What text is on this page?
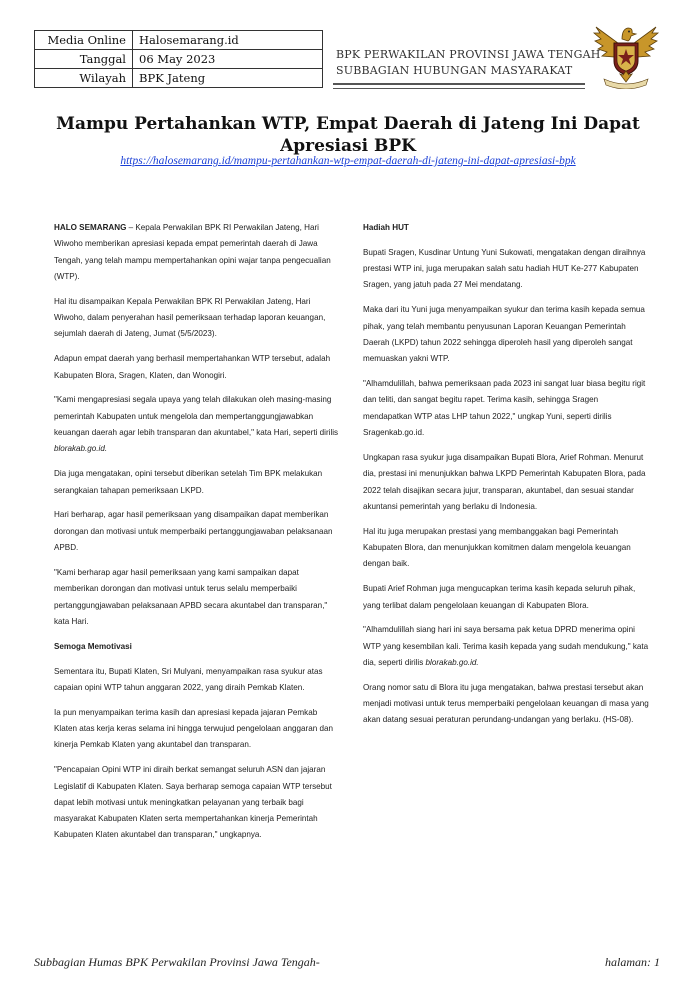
Media Online	Halosemarang.id
Tanggal	06 May 2023
Wilayah	BPK Jateng
BPK PERWAKILAN PROVINSI JAWA TENGAH
SUBBAGIAN HUBUNGAN MASYARAKAT
Mampu Pertahankan WTP, Empat Daerah di Jateng Ini Dapat Apresiasi BPK
https://halosemarang.id/mampu-pertahankan-wtp-empat-daerah-di-jateng-ini-dapat-apresiasi-bpk

HALO SEMARANG – Kepala Perwakilan BPK RI Perwakilan Jateng, Hari Wiwoho memberikan apresiasi kepada empat pemerintah daerah di Jawa Tengah, yang telah mampu mempertahankan opini wajar tanpa pengecualian (WTP).

Hal itu disampaikan Kepala Perwakilan BPK RI Perwakilan Jateng, Hari Wiwoho, dalam penyerahan hasil pemeriksaan terhadap laporan keuangan, sejumlah daerah di Jateng, Jumat (5/5/2023).

Adapun empat daerah yang berhasil mempertahankan WTP tersebut, adalah Kabupaten Blora, Sragen, Klaten, dan Wonogiri.

"Kami mengapresiasi segala upaya yang telah dilakukan oleh masing-masing pemerintah Kabupaten untuk mengelola dan mempertanggungjawabkan keuangan daerah agar lebih transparan dan akuntabel," kata Hari, seperti dirilis blorakab.go.id.

Dia juga mengatakan, opini tersebut diberikan setelah Tim BPK melakukan serangkaian tahapan pemeriksaan LKPD.

Hari berharap, agar hasil pemeriksaan yang disampaikan dapat memberikan dorongan dan motivasi untuk memperbaiki pertanggungjawaban pelaksanaan APBD.

"Kami berharap agar hasil pemeriksaan yang kami sampaikan dapat memberikan dorongan dan motivasi untuk terus selalu memperbaiki pertanggungjawaban pelaksanaan APBD secara akuntabel dan transparan," kata Hari.

Semoga Memotivasi

Sementara itu, Bupati Klaten, Sri Mulyani, menyampaikan rasa syukur atas capaian opini WTP tahun anggaran 2022, yang diraih Pemkab Klaten.

Ia pun menyampaikan terima kasih dan apresiasi kepada jajaran Pemkab Klaten atas kerja keras selama ini hingga terwujud pengelolaan anggaran dan kinerja Pemkab Klaten yang akuntabel dan transparan.

"Pencapaian Opini WTP ini diraih berkat semangat seluruh ASN dan jajaran Legislatif di Kabupaten Klaten. Saya berharap semoga capaian WTP tersebut dapat lebih motivasi untuk meningkatkan pelayanan yang terbaik bagi masyarakat Kabupaten Klaten serta mempertahankan kinerja Pemerintah Kabupaten Klaten akuntabel dan transparan," ungkapnya.

Hadiah HUT

Bupati Sragen, Kusdinar Untung Yuni Sukowati, mengatakan dengan diraihnya prestasi WTP ini, juga merupakan salah satu hadiah HUT Ke-277 Kabupaten Sragen, yang jatuh pada 27 Mei mendatang.

Maka dari itu Yuni juga menyampaikan syukur dan terima kasih kepada semua pihak, yang telah membantu penyusunan Laporan Keuangan Pemerintah Daerah (LKPD) tahun 2022 sehingga diperoleh hasil yang diperoleh sangat memuaskan yakni WTP.

"Alhamdulillah, bahwa pemeriksaan pada 2023 ini sangat luar biasa begitu rigit dan teliti, dan sangat begitu rapet. Terima kasih, sehingga Sragen mendapatkan WTP atas LHP tahun 2022," ungkap Yuni, seperti dirilis Sragenkab.go.id.

Ungkapan rasa syukur juga disampaikan Bupati Blora, Arief Rohman. Menurut dia, prestasi ini menunjukkan bahwa LKPD Pemerintah Kabupaten Blora, pada 2022 telah disajikan secara jujur, transparan, akuntabel, dan sesuai standar akuntansi pemerintah yang berlaku di Indonesia.

Hal itu juga merupakan prestasi yang membanggakan bagi Pemerintah Kabupaten Blora, dan menunjukkan komitmen dalam mengelola keuangan dengan baik.

Bupati Arief Rohman juga mengucapkan terima kasih kepada seluruh pihak, yang terlibat dalam pengelolaan keuangan di Kabupaten Blora.

"Alhamdulillah siang hari ini saya bersama pak ketua DPRD menerima opini WTP yang kesembilan kali. Terima kasih kepada yang sudah mendukung," kata dia, seperti dirilis blorakab.go.id.

Orang nomor satu di Blora itu juga mengatakan, bahwa prestasi tersebut akan menjadi motivasi untuk terus memperbaiki pengelolaan keuangan di masa yang akan datang sesuai peraturan perundang-undangan yang berlaku. (HS-08).

Subbagian Humas BPK Perwakilan Provinsi Jawa Tengah-	halaman: 1
